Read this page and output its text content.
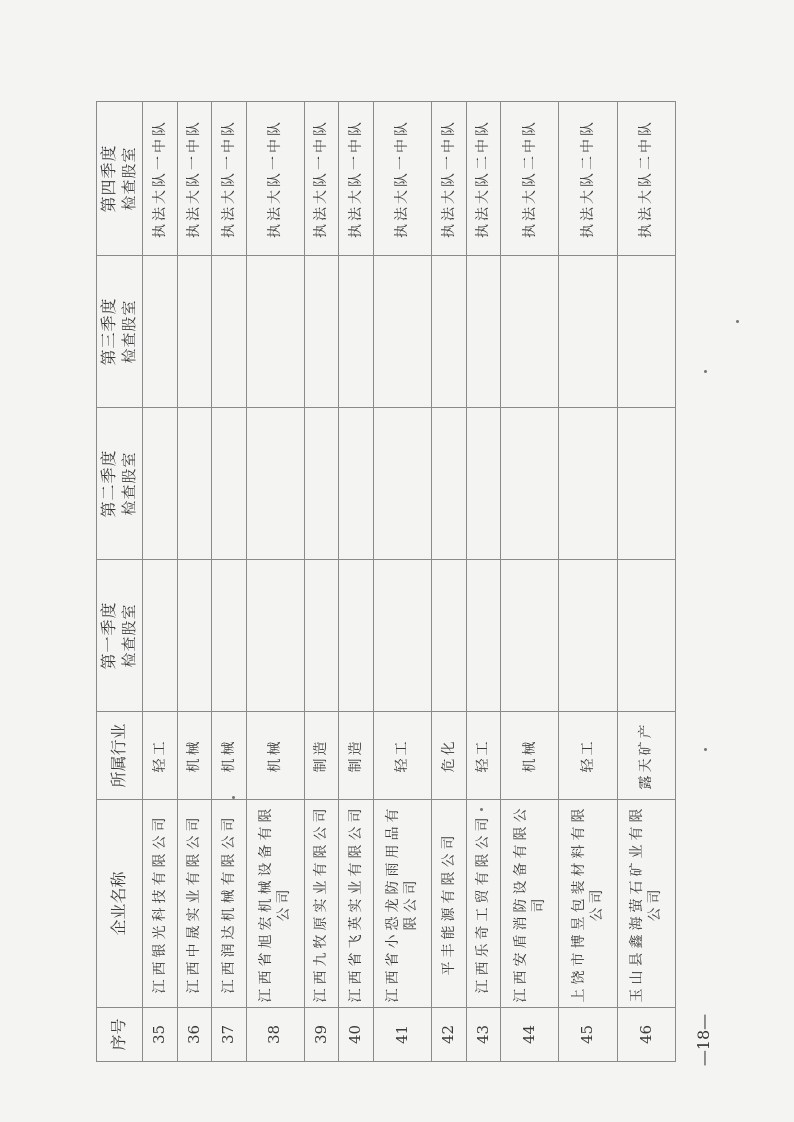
序号	企业名称	所属行业	第一季度 检查股室	第二季度 检查股室	第三季度 检查股室	第四季度 检查股室

35	江西银光科技有限公司	轻工				执法大队一中队
36	江西中晟实业有限公司	机械				执法大队一中队
37	江西润达机械有限公司	机械				执法大队一中队
38	江西省旭宏机械设备有限公司	机械				执法大队一中队
39	江西九牧原实业有限公司	制造				执法大队一中队
40	江西省飞英实业有限公司	制造				执法大队一中队
41	江西省小恐龙防雨用品有限公司	轻工				执法大队一中队
42	平丰能源有限公司	危化				执法大队一中队
43	江西乐奇工贸有限公司	轻工				执法大队二中队
44	江西安盾消防设备有限公司	机械				执法大队二中队
45	上饶市博昱包装材料有限公司	轻工				执法大队二中队
46	玉山县鑫海萤石矿业有限公司	露天矿产				执法大队二中队
—18—
